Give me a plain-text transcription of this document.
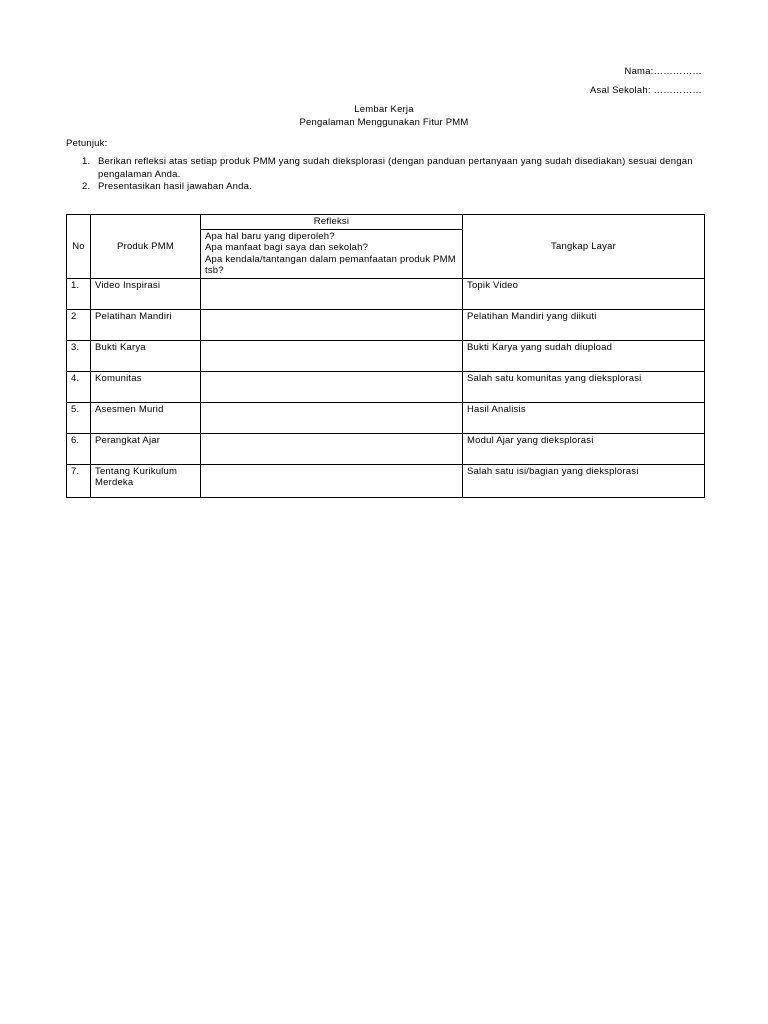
Nama:……………
Asal Sekolah: ……………
Lembar Kerja
Pengalaman Menggunakan Fitur PMM
Petunjuk:
1. Berikan refleksi atas setiap produk PMM yang sudah dieksplorasi (dengan panduan pertanyaan yang sudah disediakan) sesuai dengan pengalaman Anda.
2. Presentasikan hasil jawaban Anda.
No	Produk PMM	Refleksi	Tangkap Layar

		Apa hal baru yang diperoleh?
Apa manfaat bagi saya dan sekolah?
Apa kendala/tantangan dalam pemanfaatan produk PMM tsb?	

1.	Video Inspirasi		Topik Video
2	Pelatihan Mandiri		Pelatihan Mandiri yang diikuti
3.	Bukti Karya		Bukti Karya yang sudah diupload
4.	Komunitas		Salah satu komunitas yang dieksplorasi
5.	Asesmen Murid		Hasil Analisis
6.	Perangkat Ajar		Modul Ajar yang dieksplorasi
7.	Tentang Kurikulum Merdeka		Salah satu isi/bagian yang dieksplorasi
